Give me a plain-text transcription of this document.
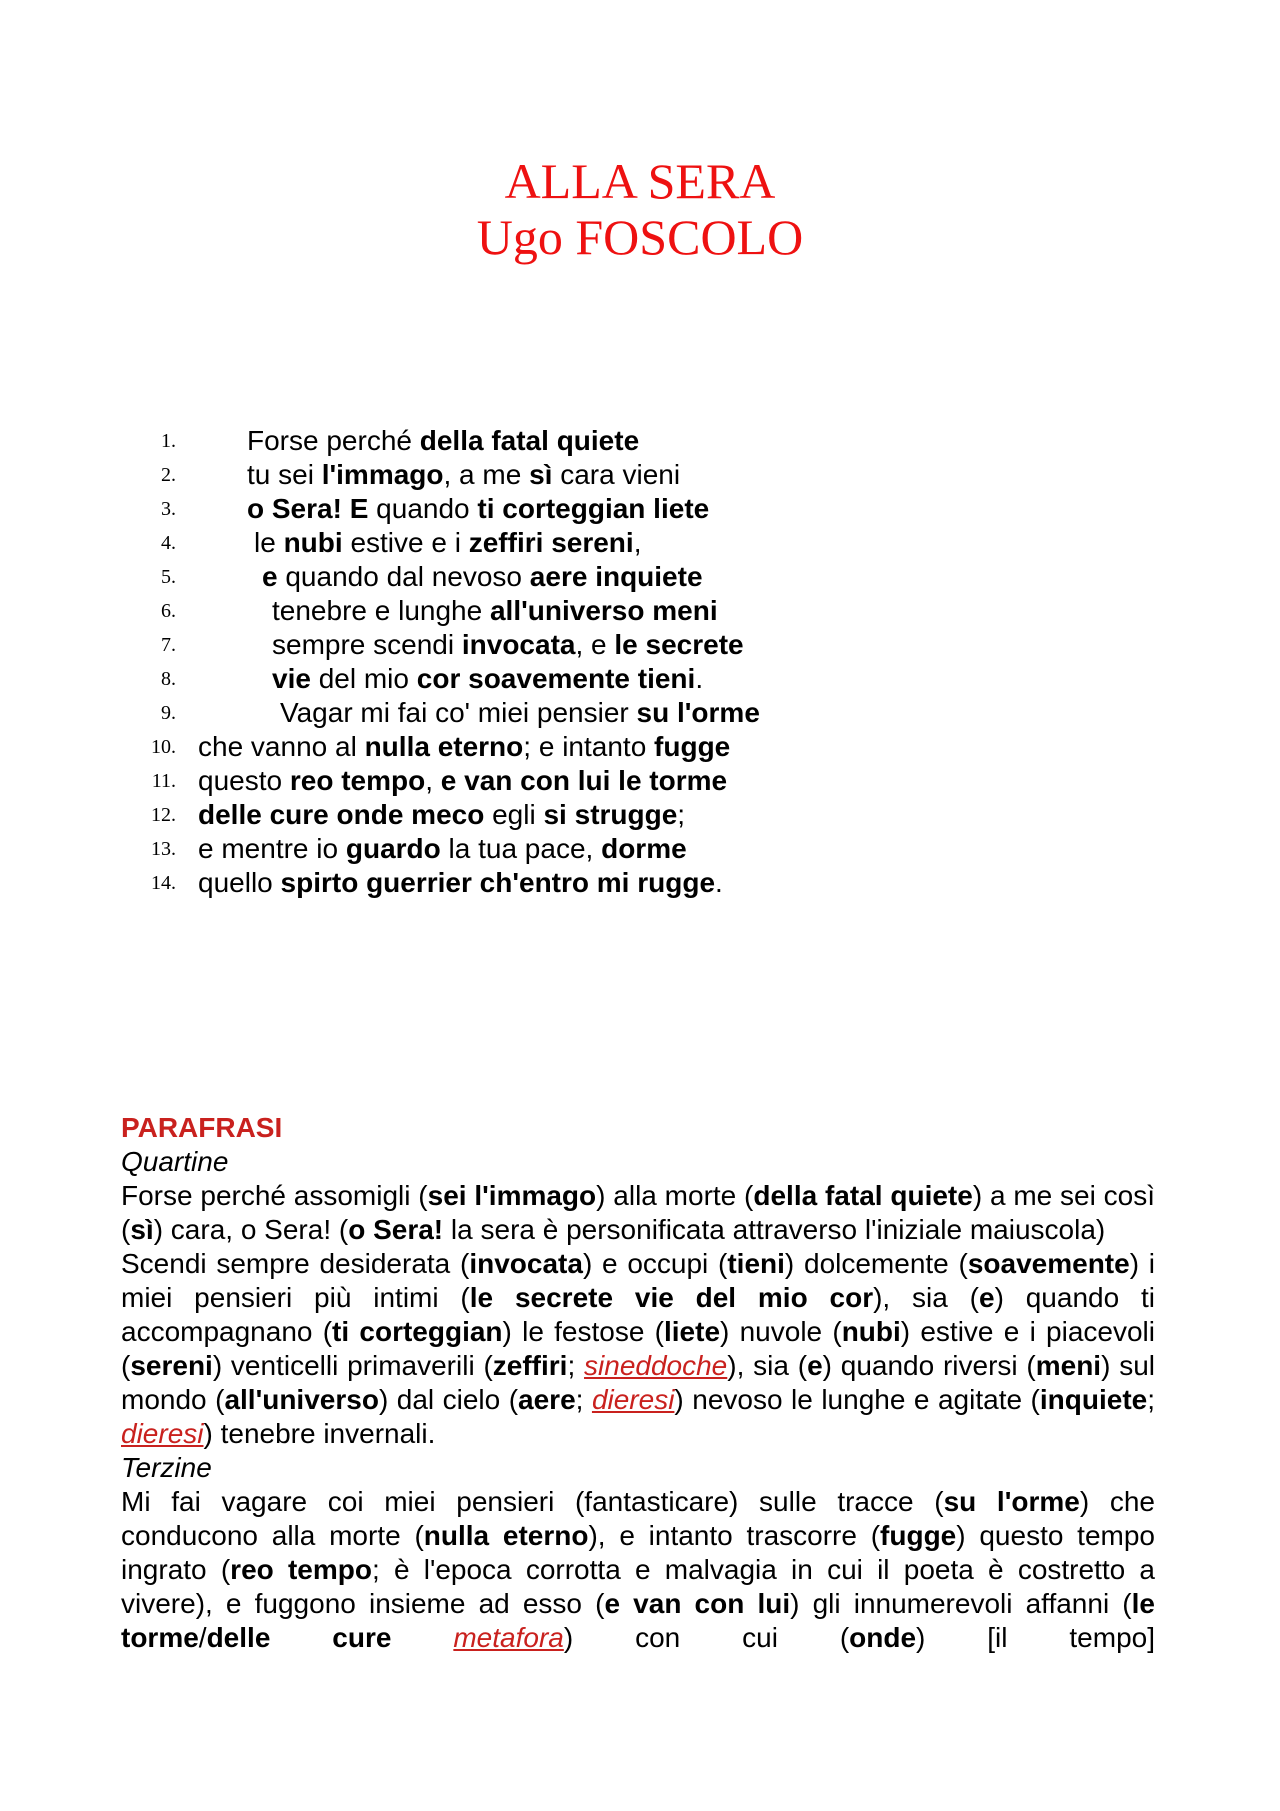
ALLA SERA
Ugo FOSCOLO
1.	Forse perché della fatal quiete
2.	tu sei l'immago, a me sì cara vieni
3.	o Sera! E quando ti corteggian liete
4.	le nubi estive e i zeffiri sereni,
5.	e quando dal nevoso aere inquiete
6.	tenebre e lunghe all'universo meni
7.	sempre scendi invocata, e le secrete
8.	vie del mio cor soavemente tieni.
9.	Vagar mi fai co' miei pensier su l'orme
10. che vanno al nulla eterno; e intanto fugge
11. questo reo tempo, e van con lui le torme
12. delle cure onde meco egli si strugge;
13. e mentre io guardo la tua pace, dorme
14. quello spirto guerrier ch'entro mi rugge.
PARAFRASI
Quartine
Forse perché assomigli (sei l'immago) alla morte (della fatal quiete) a me sei così (sì) cara, o Sera! (o Sera! la sera è personificata attraverso l'iniziale maiuscola)
Scendi sempre desiderata (invocata) e occupi (tieni) dolcemente (soavemente) i miei pensieri più intimi (le secrete vie del mio cor), sia (e) quando ti accompagnano (ti corteggian) le festose (liete) nuvole (nubi) estive e i piacevoli (sereni) venticelli primaverili (zeffiri; sineddoche), sia (e) quando riversi (meni) sul mondo (all'universo) dal cielo (aere; dieresi) nevoso le lunghe e agitate (inquiete; dieresi) tenebre invernali.
Terzine
Mi fai vagare coi miei pensieri (fantasticare) sulle tracce (su l'orme) che conducono alla morte (nulla eterno), e intanto trascorre (fugge) questo tempo ingrato (reo tempo; è l'epoca corrotta e malvagia in cui il poeta è costretto a vivere), e fuggono insieme ad esso (e van con lui) gli innumerevoli affanni (le torme/delle cure metafora) con cui (onde) [il tempo]
